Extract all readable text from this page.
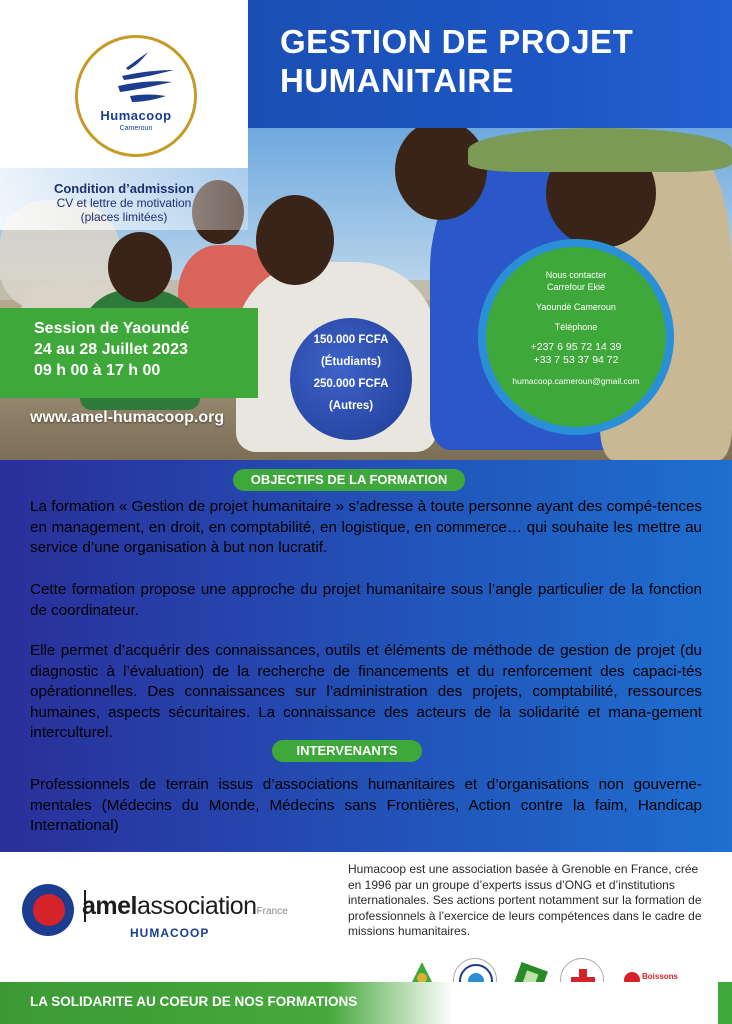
GESTION DE PROJET
HUMANITAIRE
Humacoop
Cameroun
Condition d’admission
CV et lettre de motivation
(places limitées)
Session de Yaoundé
24 au 28 Juillet 2023
09 h 00 à 17 h 00
www.amel-humacoop.org
150.000 FCFA
(Étudiants)
250.000 FCFA
(Autres)
Nous contacter
Carrefour Ekié
Yaoundé Cameroun
Téléphone
+237 6 95 72 14 39
+33 7 53 37 94 72
humacoop.cameroun@gmail.com
OBJECTIFS DE LA FORMATION
La formation « Gestion de projet humanitaire » s’adresse à toute personne ayant des compé-tences en management, en droit, en comptabilité, en logistique, en commerce… qui souhaite les mettre au service d’une organisation à but non lucratif.
Cette formation propose une approche du projet humanitaire sous l’angle particulier de la fonction de coordinateur.
Elle permet d’acquérir des connaissances, outils et éléments de méthode de gestion de projet (du diagnostic à l’évaluation) de la recherche de financements et du renforcement des capaci-tés opérationnelles. Des connaissances sur l’administration des projets, comptabilité, ressources humaines, aspects sécuritaires. La connaissance des acteurs de la solidarité et mana-gement interculturel.
INTERVENANTS
Professionnels de terrain issus d’associations humanitaires et d’organisations non gouverne-mentales (Médecins du Monde, Médecins sans Frontières, Action contre la faim, Handicap International)
amelassociationFrance
HUMACOOP
Humacoop est une association basée à Grenoble en France, crée en 1996 par un groupe d’experts issus d’ONG et d’institutions internationales. Ses actions portent notamment sur la formation de professionnels à l’exercice de leurs compétences dans le cadre de missions humanitaires.
Boissons
LA SOLIDARITE AU COEUR DE NOS FORMATIONS
